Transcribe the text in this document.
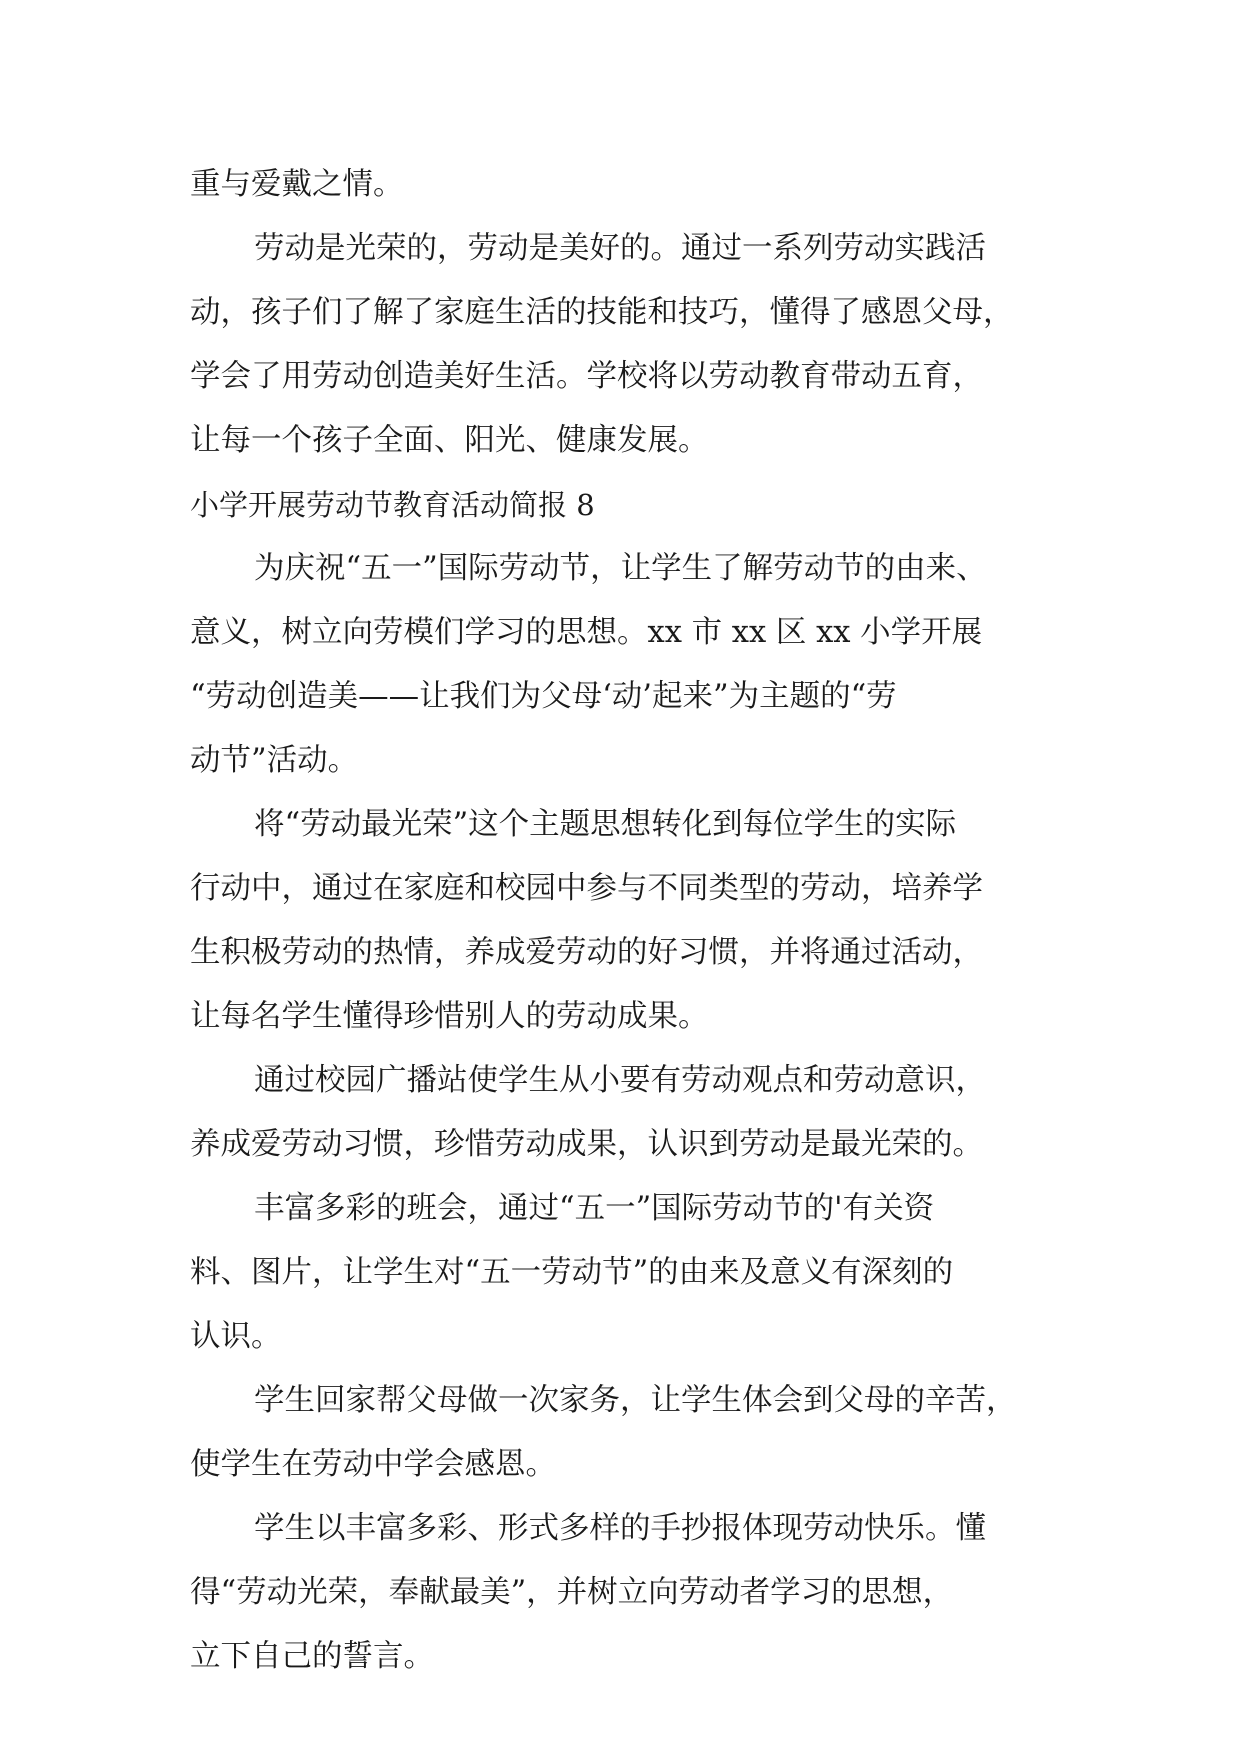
重与爱戴之情。
劳动是光荣的，劳动是美好的。通过一系列劳动实践活
动，孩子们了解了家庭生活的技能和技巧，懂得了感恩父母，
学会了用劳动创造美好生活。学校将以劳动教育带动五育，
让每一个孩子全面、阳光、健康发展。
小学开展劳动节教育活动简报 8
为庆祝“五一”国际劳动节，让学生了解劳动节的由来、
意义，树立向劳模们学习的思想。xx 市 xx 区 xx 小学开展
“劳动创造美——让我们为父母‘动’起来”为主题的“劳
动节”活动。
将“劳动最光荣”这个主题思想转化到每位学生的实际
行动中，通过在家庭和校园中参与不同类型的劳动，培养学
生积极劳动的热情，养成爱劳动的好习惯，并将通过活动，
让每名学生懂得珍惜别人的劳动成果。
通过校园广播站使学生从小要有劳动观点和劳动意识，
养成爱劳动习惯，珍惜劳动成果，认识到劳动是最光荣的。
丰富多彩的班会，通过“五一”国际劳动节的'有关资
料、图片，让学生对“五一劳动节”的由来及意义有深刻的
认识。
学生回家帮父母做一次家务，让学生体会到父母的辛苦，
使学生在劳动中学会感恩。
学生以丰富多彩、形式多样的手抄报体现劳动快乐。懂
得“劳动光荣，奉献最美”，并树立向劳动者学习的思想，
立下自己的誓言。
